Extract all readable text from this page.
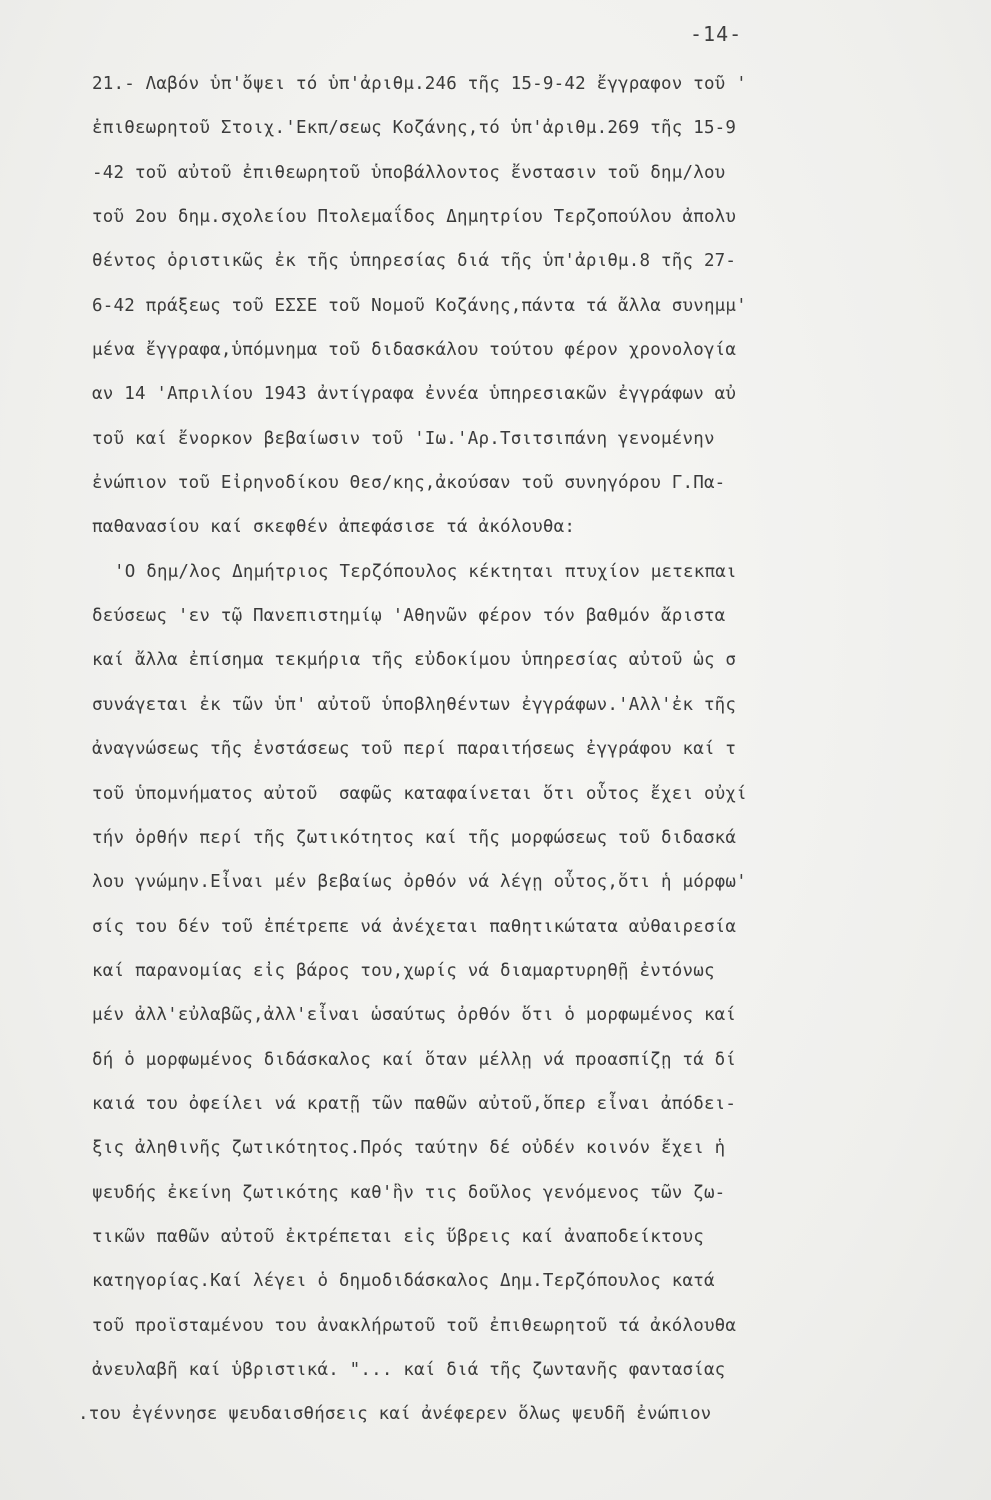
-14-
21.- Λαβόν ὑπ'ὄψει τό ὑπ'ἀριθμ.246 τῆς 15-9-42 ἔγγραφον τοῦ '
ἐπιθεωρητοῦ Στοιχ.'Εκπ/σεως Κοζάνης,τό ὑπ'ἀριθμ.269 τῆς 15-9
-42 τοῦ αὐτοῦ ἐπιθεωρητοῦ ὑποβάλλοντος ἔνστασιν τοῦ δημ/λου
τοῦ 2ου δημ.σχολείου Πτολεμαΐδος Δημητρίου Τερζοπούλου ἀπολυ
θέντος ὁριστικῶς ἐκ τῆς ὑπηρεσίας διά τῆς ὑπ'ἀριθμ.8 τῆς 27-
6-42 πράξεως τοῦ ΕΣΣΕ τοῦ Νομοῦ Κοζάνης,πάντα τά ἄλλα συνημμ'
μένα ἔγγραφα,ὑπόμνημα τοῦ διδασκάλου τούτου φέρον χρονολογία
αν 14 'Απριλίου 1943 ἀντίγραφα ἐννέα ὑπηρεσιακῶν ἐγγράφων αὐ
τοῦ καί ἔνορκον βεβαίωσιν τοῦ 'Ιω.'Αρ.Τσιτσιπάνη γενομένην
ἐνώπιον τοῦ Εἰρηνοδίκου Θεσ/κης,ἀκούσαν τοῦ συνηγόρου Γ.Πα-
παθανασίου καί σκεφθέν ἀπεφάσισε τά ἀκόλουθα:
'Ο δημ/λος Δημήτριος Τερζόπουλος κέκτηται πτυχίον μετεκπαι
δεύσεως 'εν τῷ Πανεπιστημίῳ 'Αθηνῶν φέρον τόν βαθμόν ἄριστα
καί ἄλλα ἐπίσημα τεκμήρια τῆς εὐδοκίμου ὑπηρεσίας αὐτοῦ ὡς σ
συνάγεται ἐκ τῶν ὑπ' αὐτοῦ ὑποβληθέντων ἐγγράφων.'Αλλ'ἐκ τῆς
ἀναγνώσεως τῆς ἐνστάσεως τοῦ περί παραιτήσεως ἐγγράφου καί τ
τοῦ ὑπομνήματος αὐτοῦ  σαφῶς καταφαίνεται ὅτι οὗτος ἔχει οὐχί
τήν ὀρθήν περί τῆς ζωτικότητος καί τῆς μορφώσεως τοῦ διδασκά
λου γνώμην.Εἶναι μέν βεβαίως ὀρθόν νά λέγῃ οὗτος,ὅτι ἡ μόρφω'
σίς του δέν τοῦ ἐπέτρεπε νά ἀνέχεται παθητικώτατα αὐθαιρεσία
καί παρανομίας εἰς βάρος του,χωρίς νά διαμαρτυρηθῇ ἐντόνως
μέν ἀλλ'εὐλαβῶς,ἀλλ'εἶναι ὡσαύτως ὀρθόν ὅτι ὁ μορφωμένος καί
δή ὁ μορφωμένος διδάσκαλος καί ὅταν μέλλῃ νά προασπίζῃ τά δί
καιά του ὀφείλει νά κρατῇ τῶν παθῶν αὐτοῦ,ὅπερ εἶναι ἀπόδει-
ξις ἀληθινῆς ζωτικότητος.Πρός ταύτην δέ οὐδέν κοινόν ἔχει ἡ
ψευδής ἐκείνη ζωτικότης καθ'ἣν τις δοῦλος γενόμενος τῶν ζω-
τικῶν παθῶν αὐτοῦ ἐκτρέπεται εἰς ὕβρεις καί ἀναποδείκτους
κατηγορίας.Καί λέγει ὁ δημοδιδάσκαλος Δημ.Τερζόπουλος κατά
τοῦ προϊσταμένου του ἀνακλήρωτοῦ τοῦ ἐπιθεωρητοῦ τά ἀκόλουθα
ἀνευλαβῆ καί ὑβριστικά. "... καί διά τῆς ζωντανῆς φαντασίας
.του ἐγέννησε ψευδαισθήσεις καί ἀνέφερεν ὅλως ψευδῆ ἐνώπιον
